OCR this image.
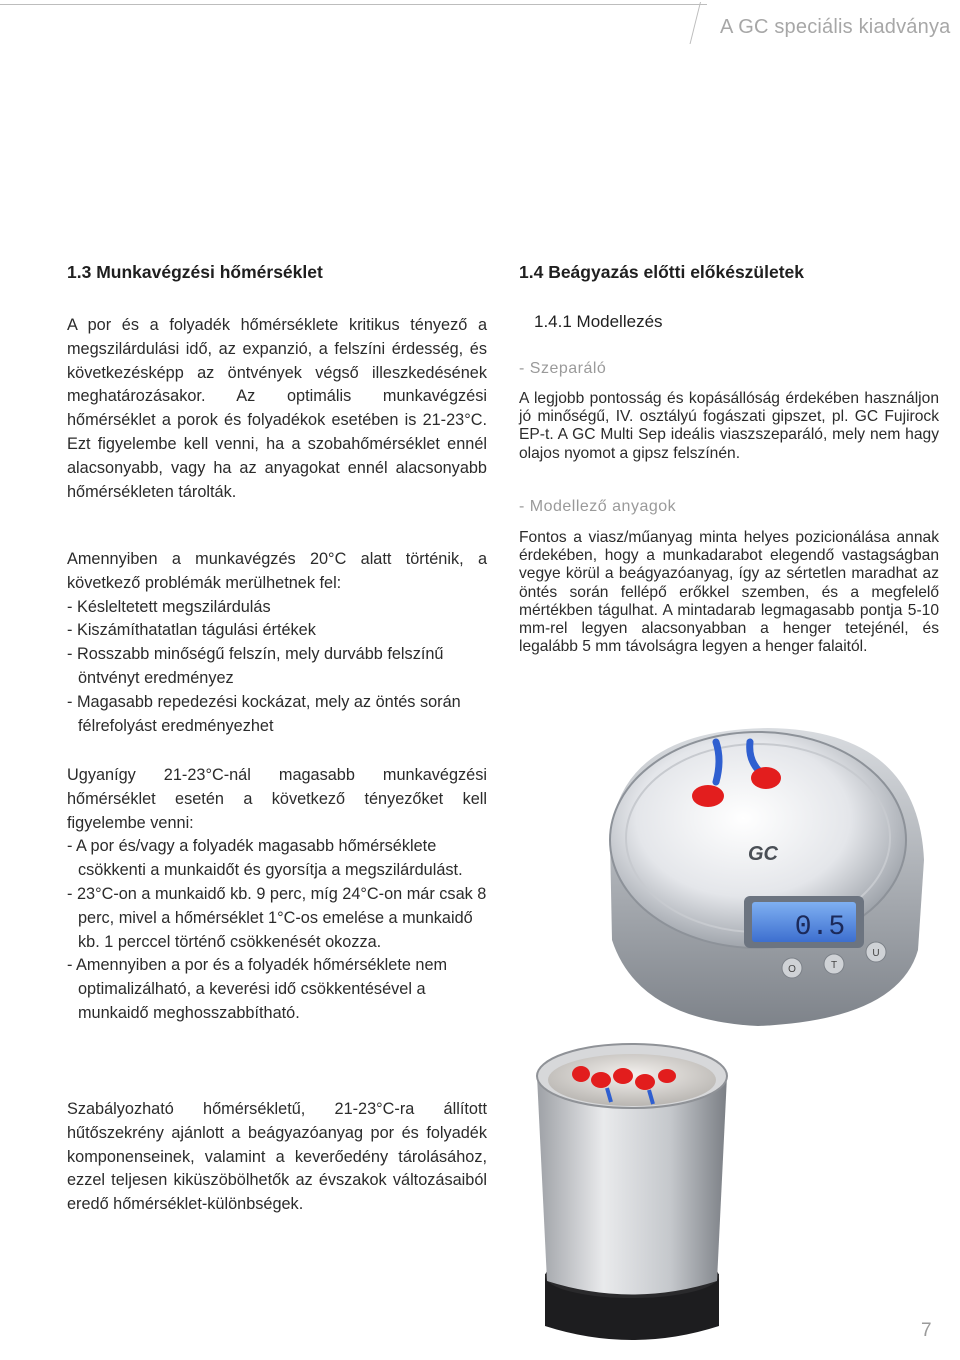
A GC speciális kiadványa
1.3 Munkavégzési hőmérséklet

A por és a folyadék hőmérséklete kritikus tényező a megszilárdulási idő, az expanzió, a felszíni érdesség, és következésképp az öntvények végső illeszkedésének meghatározásakor. Az optimális munkavégzési hőmérséklet a porok és folyadékok esetében is 21-23°C. Ezt figyelembe kell venni, ha a szobahőmérséklet ennél alacsonyabb, vagy ha az anyagokat ennél alacsonyabb hőmérsékleten tárolták.

Amennyiben a munkavégzés 20°C alatt történik, a következő problémák merülhetnek fel:

- Késleltetett megszilárdulás
- Kiszámíthatatlan tágulási értékek
- Rosszabb minőségű felszín, mely durvább felszínű öntvényt eredményez
- Magasabb repedezési kockázat, mely az öntés során félrefolyást eredményezhet

Ugyanígy 21-23°C-nál magasabb munkavégzési hőmérséklet esetén a következő tényezőket kell figyelembe venni:

- A por és/vagy a folyadék magasabb hőmérséklete csökkenti a munkaidőt és gyorsítja a megszilárdulást.
- 23°C-on a munkaidő kb. 9 perc, míg 24°C-on már csak 8 perc, mivel a hőmérséklet 1°C-os emelése a munkaidő kb. 1 perccel történő csökkenését okozza.
- Amennyiben a por és a folyadék hőmérséklete nem optimalizálható, a keverési idő csökkentésével a munkaidő meghosszabbítható.

Szabályozható hőmérsékletű, 21-23°C-ra állított hűtőszekrény ajánlott a beágyazóanyag por és folyadék komponenseinek, valamint a keverőedény tárolásához, ezzel teljesen kiküszöbölhetők az évszakok változásaiból eredő hőmérséklet-különbségek.

1.4 Beágyazás előtti előkészületek
1.4.1 Modellezés
- Szeparáló

A legjobb pontosság és kopásállóság érdekében használjon jó minőségű, IV. osztályú fogászati gipszet, pl. GC Fujirock EP-t. A GC Multi Sep ideális viaszszeparáló, mely nem hagy olajos nyomot a gipsz felszínén.

- Modellező anyagok

Fontos a viasz/műanyag minta helyes pozicionálása annak érdekében, hogy a munkadarabot elegendő vastagságban vegye körül a beágyazóanyag, így az sértetlen maradhat az öntés során fellépő erőkkel szemben, és a megfelelő mértékben tágulhat. A mintadarab legmagasabb pontja 5-10 mm-rel legyen alacsonyabban a henger tetejénél, és legalább 5 mm távolságra legyen a henger falaitól.

GC
0.5
O	T
U
7
